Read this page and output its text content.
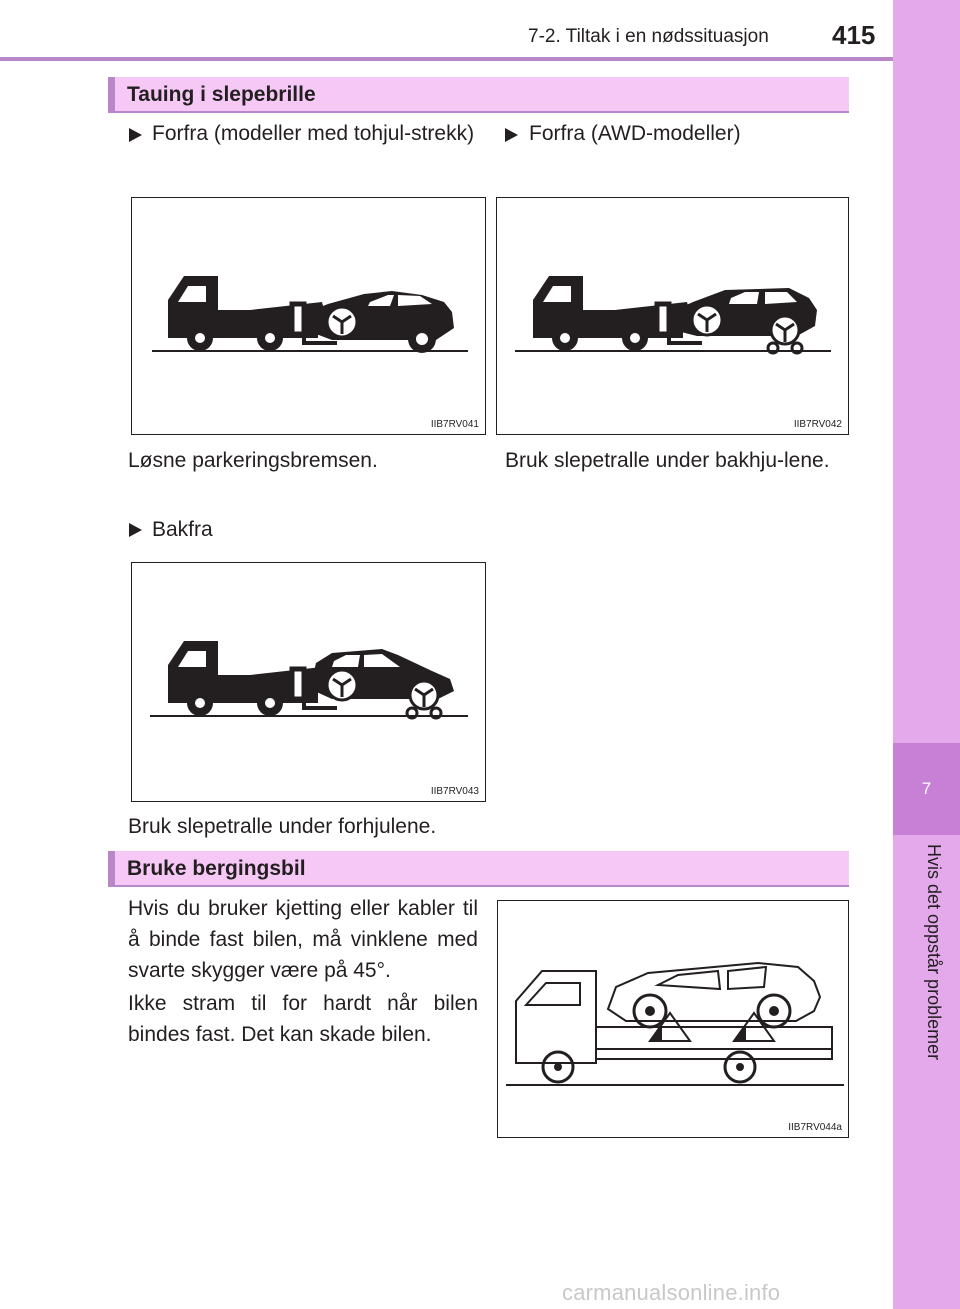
7-2. Tiltak i en nødssituasjon 415
7
Hvis det oppstår problemer
Tauing i slepebrille
Forfra (modeller med tohjul-strekk)	Forfra (AWD-modeller)
IIB7RV041	IIB7RV042
Løsne parkeringsbremsen.	Bruk slepetralle under bakhju-lene.
Bakfra
IIB7RV043
Bruk slepetralle under forhjulene.
Bruke bergingsbil
Hvis du bruker kjetting eller kabler til å binde fast bilen, må vinklene med svarte skygger være på 45°.
Ikke stram til for hardt når bilen bindes fast. Det kan skade bilen.
IIB7RV044a
carmanualsonline.info
